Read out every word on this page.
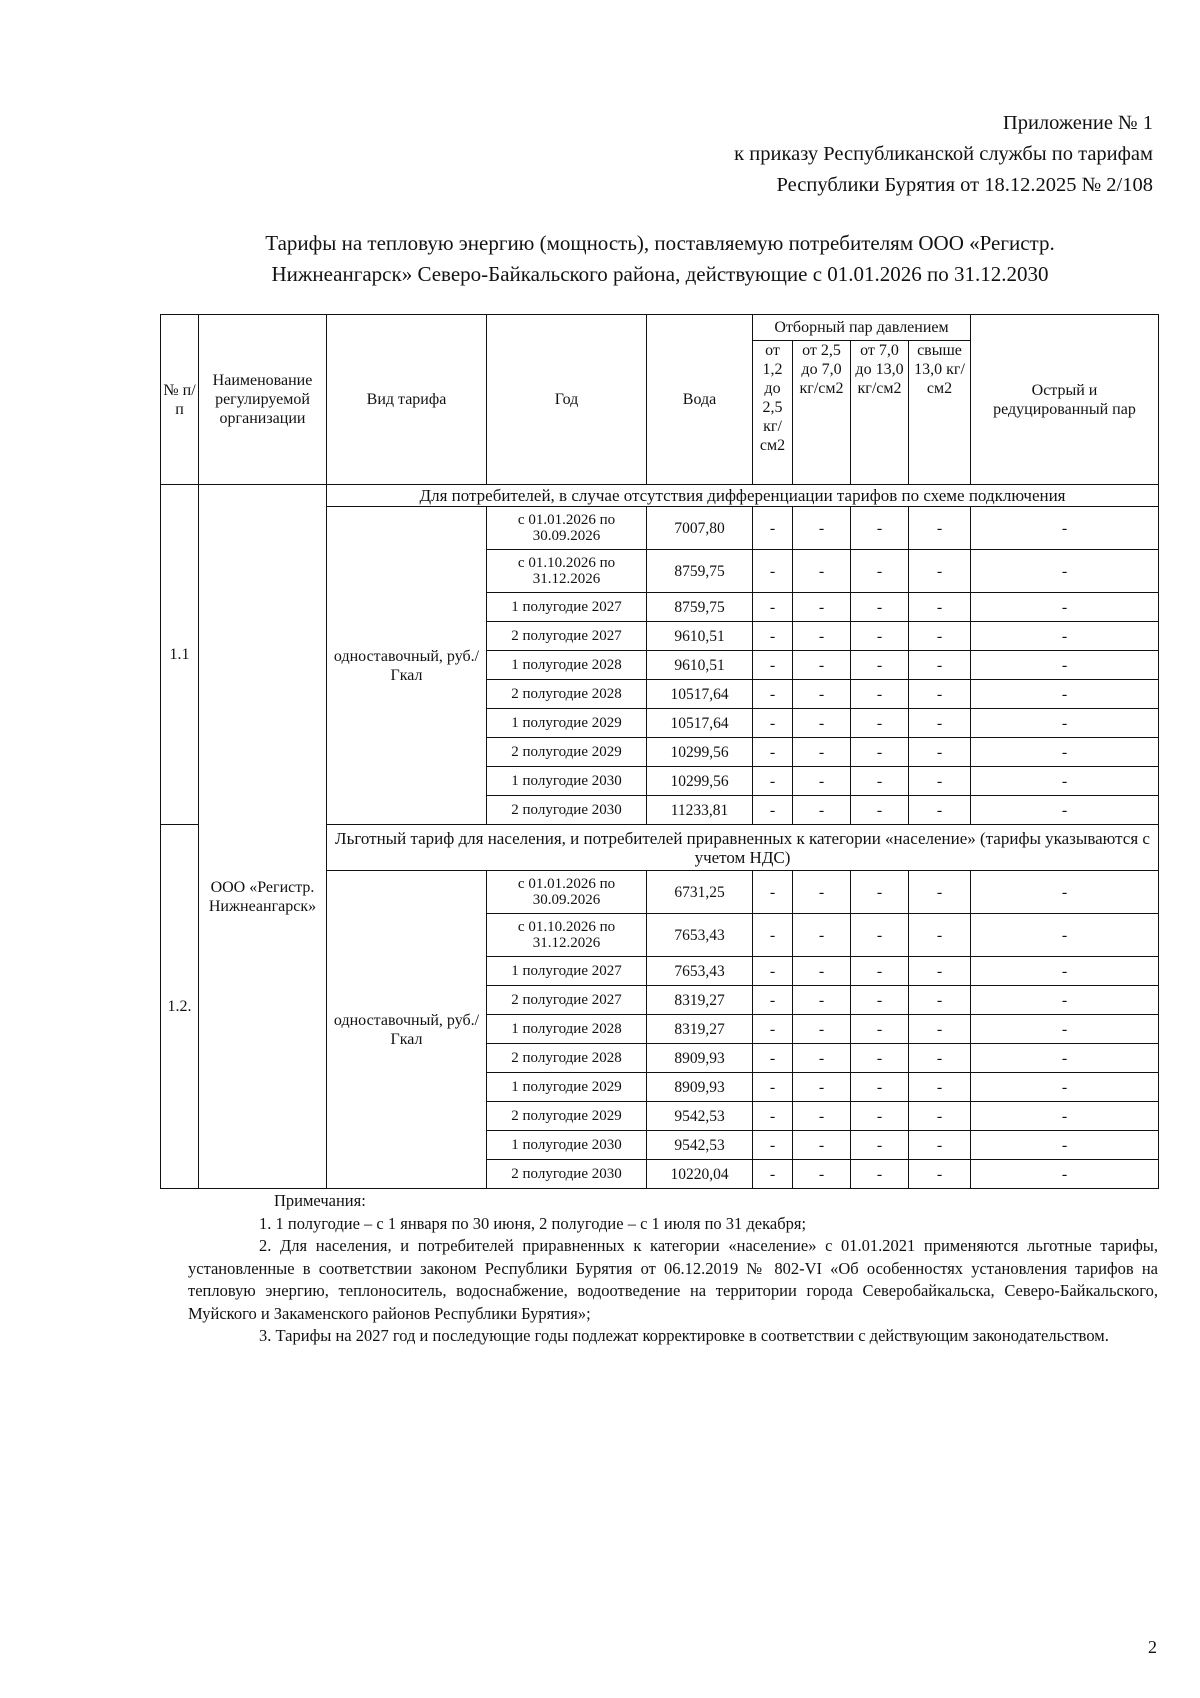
Приложение № 1
к приказу Республиканской службы по тарифам
Республики Бурятия от 18.12.2025 № 2/108
Тарифы на тепловую энергию (мощность), поставляемую потребителям ООО «Регистр.
Нижнеангарск» Северо-Байкальского района, действующие с 01.01.2026 по 31.12.2030
№ п/п	Наименование регулируемой организации	Вид тарифа	Год	Вода	Отборный пар давлением				Острый и редуцированный пар
					от 1,2 до 2,5 кг/см2	от 2,5 до 7,0 кг/см2	от 7,0 до 13,0 кг/см2	свыше 13,0 кг/см2	
1.1	ООО «Регистр. Нижнеангарск»	Для потребителей, в случае отсутствия дифференциации тарифов по схеме подключения							
		одноставочный, руб./Гкал	с 01.01.2026 по 30.09.2026	7007,80	-	-	-	-	-
			с 01.10.2026 по 31.12.2026	8759,75	-	-	-	-	-
			1 полугодие 2027	8759,75	-	-	-	-	-
			2 полугодие 2027	9610,51	-	-	-	-	-
			1 полугодие 2028	9610,51	-	-	-	-	-
			2 полугодие 2028	10517,64	-	-	-	-	-
			1 полугодие 2029	10517,64	-	-	-	-	-
			2 полугодие 2029	10299,56	-	-	-	-	-
			1 полугодие 2030	10299,56	-	-	-	-	-
			2 полугодие 2030	11233,81	-	-	-	-	-
1.2.		Льготный тариф для населения, и потребителей приравненных к категории «население» (тарифы указываются с учетом НДС)							
		одноставочный, руб./Гкал	с 01.01.2026 по 30.09.2026	6731,25	-	-	-	-	-
			с 01.10.2026 по 31.12.2026	7653,43	-	-	-	-	-
			1 полугодие 2027	7653,43	-	-	-	-	-
			2 полугодие 2027	8319,27	-	-	-	-	-
			1 полугодие 2028	8319,27	-	-	-	-	-
			2 полугодие 2028	8909,93	-	-	-	-	-
			1 полугодие 2029	8909,93	-	-	-	-	-
			2 полугодие 2029	9542,53	-	-	-	-	-
			1 полугодие 2030	9542,53	-	-	-	-	-
			2 полугодие 2030	10220,04	-	-	-	-	-

Примечания:

1. 1 полугодие – с 1 января по 30 июня, 2 полугодие – с 1 июля по 31 декабря;

2. Для населения, и потребителей приравненных к категории «население» с 01.01.2021 применяются льготные тарифы, установленные в соответствии законом Республики Бурятия от 06.12.2019 № 802-VI «Об особенностях установления тарифов на тепловую энергию, теплоноситель, водоснабжение, водоотведение на территории города Северобайкальска, Северо-Байкальского, Муйского и Закаменского районов Республики Бурятия»;

3. Тарифы на 2027 год и последующие годы подлежат корректировке в соответствии с действующим законодательством.

2
